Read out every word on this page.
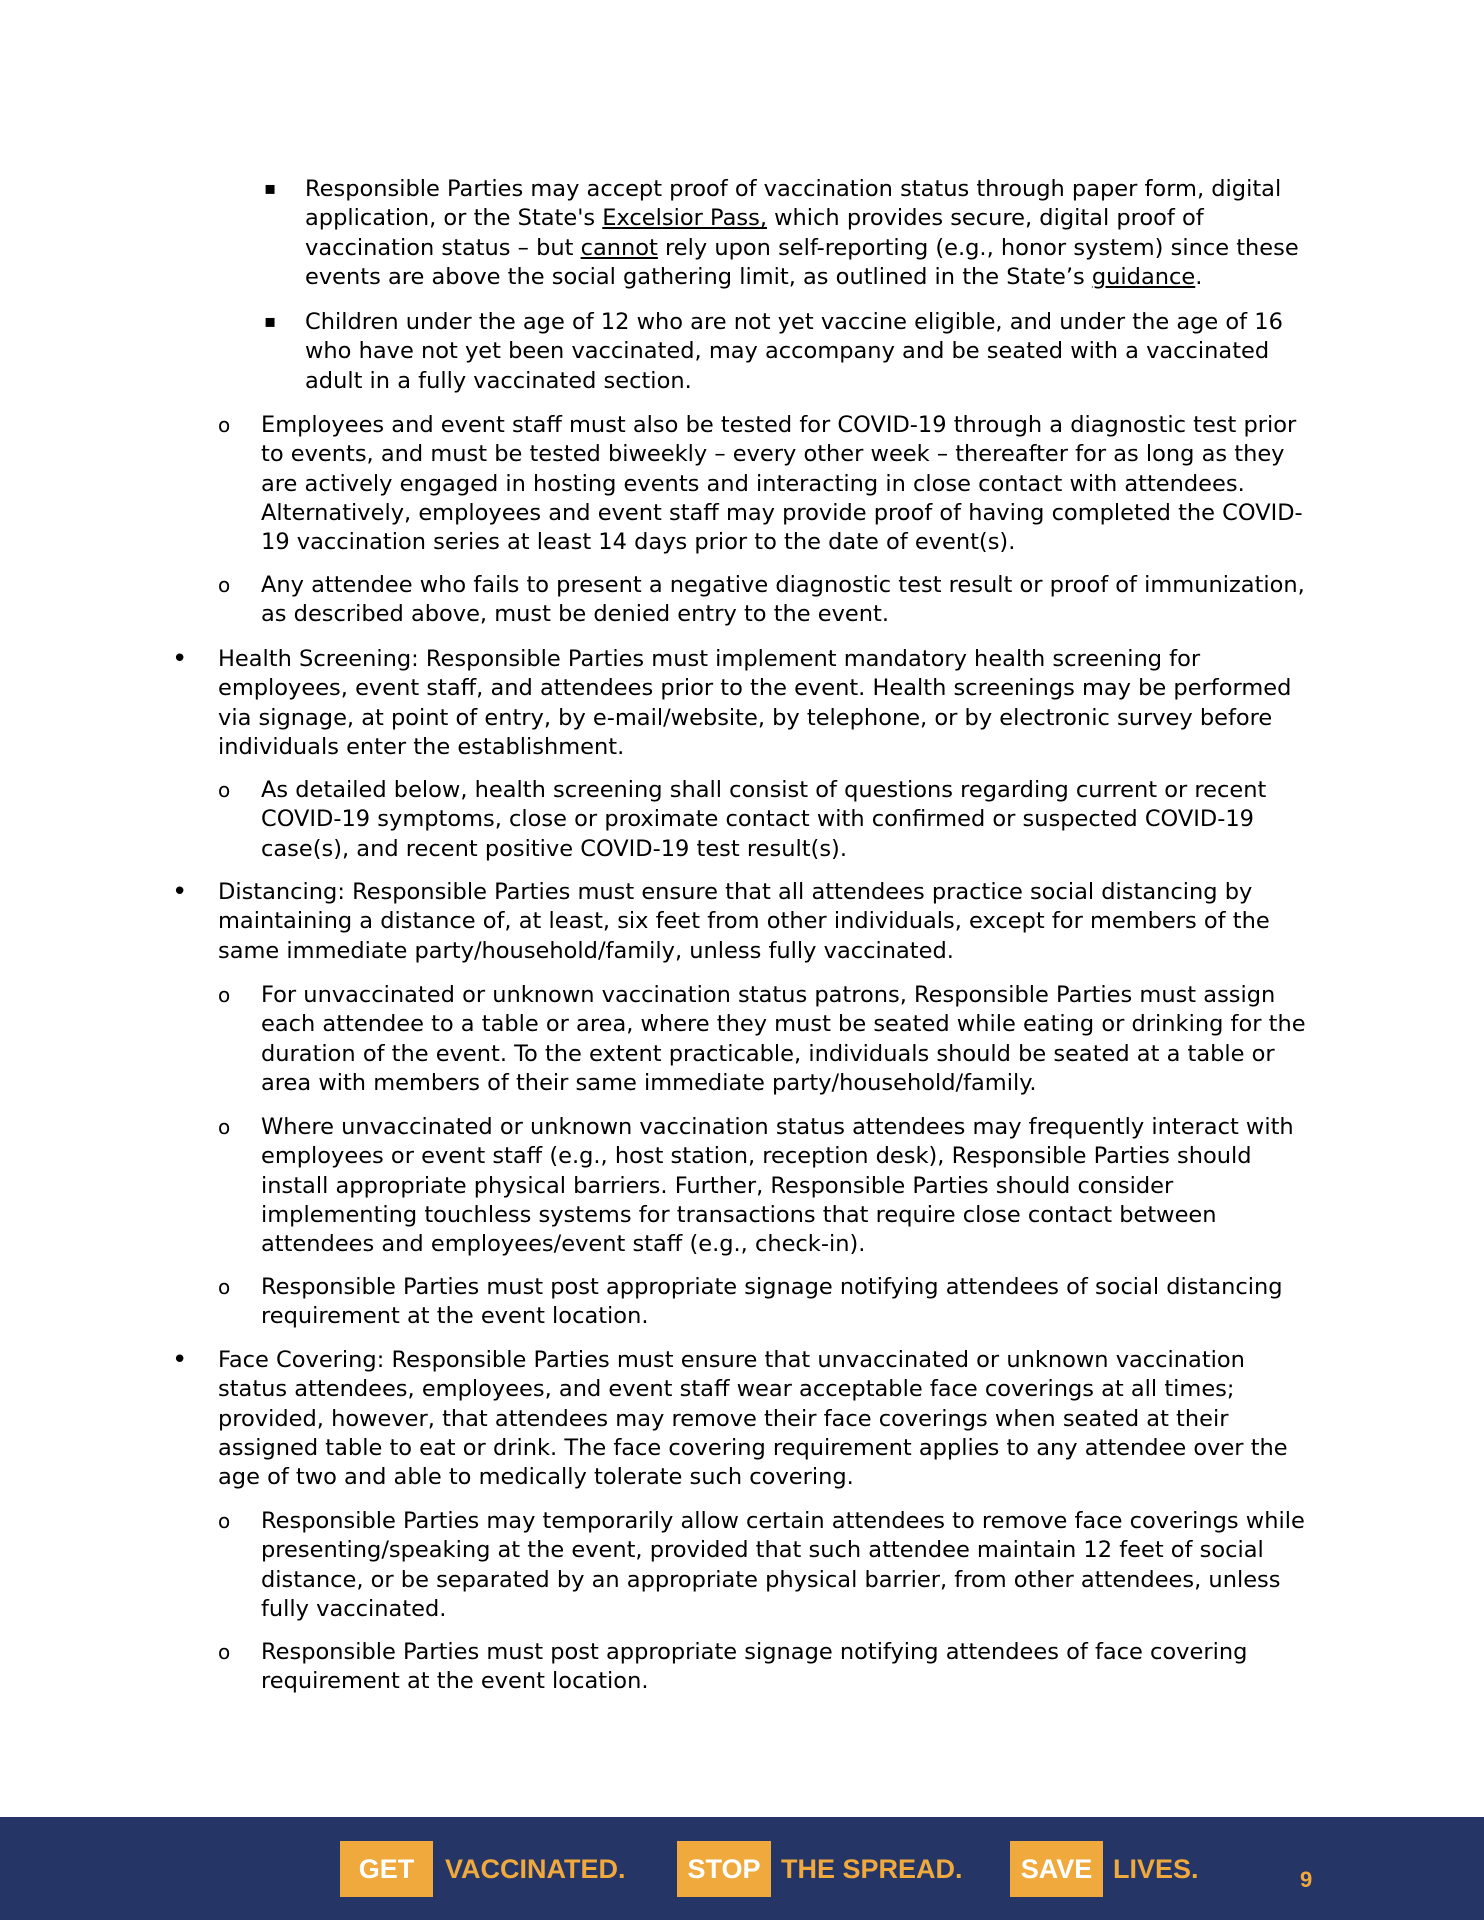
▪ Responsible Parties may accept proof of vaccination status through paper form, digital application, or the State's Excelsior Pass, which provides secure, digital proof of vaccination status – but cannot rely upon self-reporting (e.g., honor system) since these events are above the social gathering limit, as outlined in the State’s guidance.
▪ Children under the age of 12 who are not yet vaccine eligible, and under the age of 16 who have not yet been vaccinated, may accompany and be seated with a vaccinated adult in a fully vaccinated section.
o Employees and event staff must also be tested for COVID-19 through a diagnostic test prior to events, and must be tested biweekly – every other week – thereafter for as long as they are actively engaged in hosting events and interacting in close contact with attendees. Alternatively, employees and event staff may provide proof of having completed the COVID-19 vaccination series at least 14 days prior to the date of event(s).
o Any attendee who fails to present a negative diagnostic test result or proof of immunization, as described above, must be denied entry to the event.
• Health Screening: Responsible Parties must implement mandatory health screening for employees, event staff, and attendees prior to the event. Health screenings may be performed via signage, at point of entry, by e-mail/website, by telephone, or by electronic survey before individuals enter the establishment.
o As detailed below, health screening shall consist of questions regarding current or recent COVID-19 symptoms, close or proximate contact with confirmed or suspected COVID-19 case(s), and recent positive COVID-19 test result(s).
• Distancing: Responsible Parties must ensure that all attendees practice social distancing by maintaining a distance of, at least, six feet from other individuals, except for members of the same immediate party/household/family, unless fully vaccinated.
o For unvaccinated or unknown vaccination status patrons, Responsible Parties must assign each attendee to a table or area, where they must be seated while eating or drinking for the duration of the event. To the extent practicable, individuals should be seated at a table or area with members of their same immediate party/household/family.
o Where unvaccinated or unknown vaccination status attendees may frequently interact with employees or event staff (e.g., host station, reception desk), Responsible Parties should install appropriate physical barriers. Further, Responsible Parties should consider implementing touchless systems for transactions that require close contact between attendees and employees/event staff (e.g., check-in).
o Responsible Parties must post appropriate signage notifying attendees of social distancing requirement at the event location.
• Face Covering: Responsible Parties must ensure that unvaccinated or unknown vaccination status attendees, employees, and event staff wear acceptable face coverings at all times; provided, however, that attendees may remove their face coverings when seated at their assigned table to eat or drink. The face covering requirement applies to any attendee over the age of two and able to medically tolerate such covering.
o Responsible Parties may temporarily allow certain attendees to remove face coverings while presenting/speaking at the event, provided that such attendee maintain 12 feet of social distance, or be separated by an appropriate physical barrier, from other attendees, unless fully vaccinated.
o Responsible Parties must post appropriate signage notifying attendees of face covering requirement at the event location.
GET	VACCINATED.	STOP THE SPREAD.	SAVE LIVES.	9
